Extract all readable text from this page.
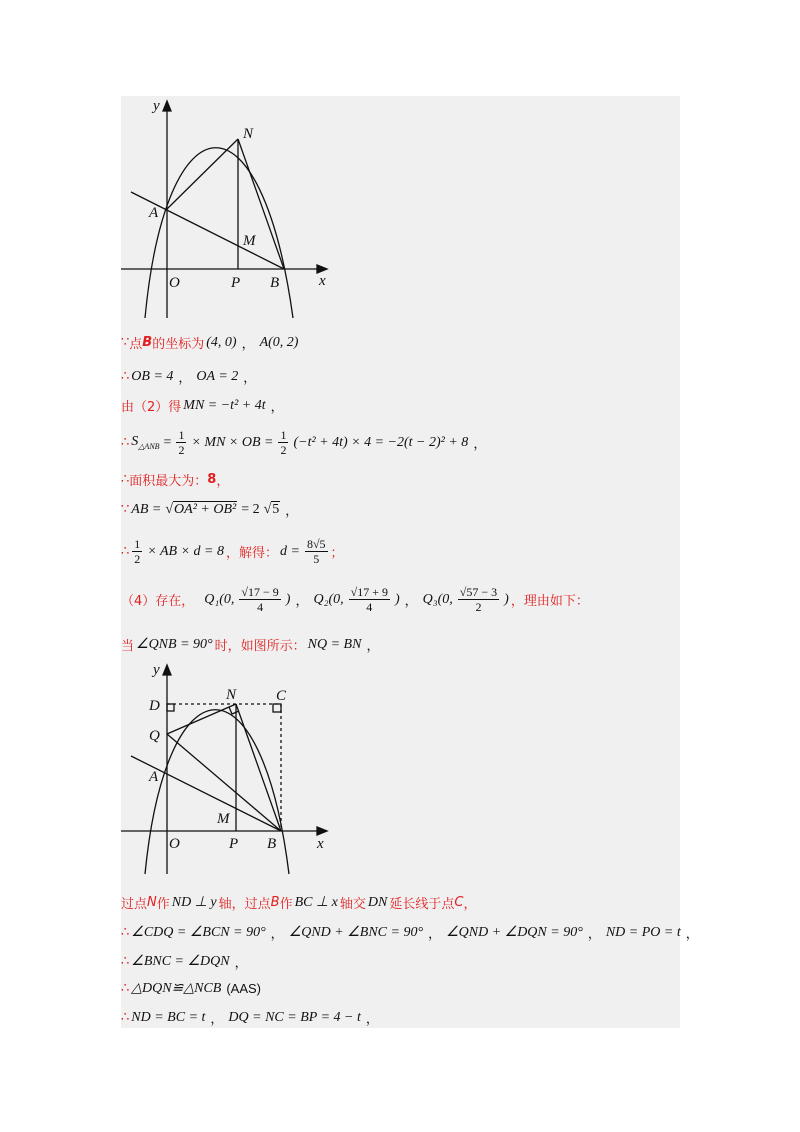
y
x
N
A
M
O	P B
∵ 点 B 的坐标为 (4, 0) ， A(0, 2)
∴ OB = 4 ， OA = 2 ，
由（2）得 MN = −t² + 4t ，
∴ $S_{\triangle ANB} = \frac{1}{2}$ × MN × OB = $\frac{1}{2} (-t^2 + 4t) \times 4 = -2(t - 2)^2 + 8$ ，
∴ 面积最大为： 8 ，
∵ AB = √OA² + OB² = 2 √5 ，
∴ $\frac{1}{2}$ × AB × d = 8 ，解得： $d = \frac{8√5}{5}$ ；
（4）存在， Q₁(0, $\frac{√17 - 9}{4}$ ) ， Q₂(0, $\frac{√17 + 9}{4}$ ) ， Q₃(0, $\frac{√57 - 3}{2}$ ) ，理由如下：
当 ∠QNB = 90° 时，如图所示： NQ = BN ，
y
x
D
N	C
Q
A
M
O	P B
过点 N 作 ND ⊥ y 轴，过点 B 作 BC ⊥ x 轴交 DN 延长线于点 C ，
∴ ∠CDQ = ∠BCN = 90° ， ∠QND + ∠BNC = 90° ， ∠QND + ∠DQN = 90° ， ND = PO = t ，
∴ ∠BNC = ∠DQN ，
∴ △DQN≌△NCB (AAS)
∴ ND = BC = t ， DQ = NC = BP = 4 − t ，
